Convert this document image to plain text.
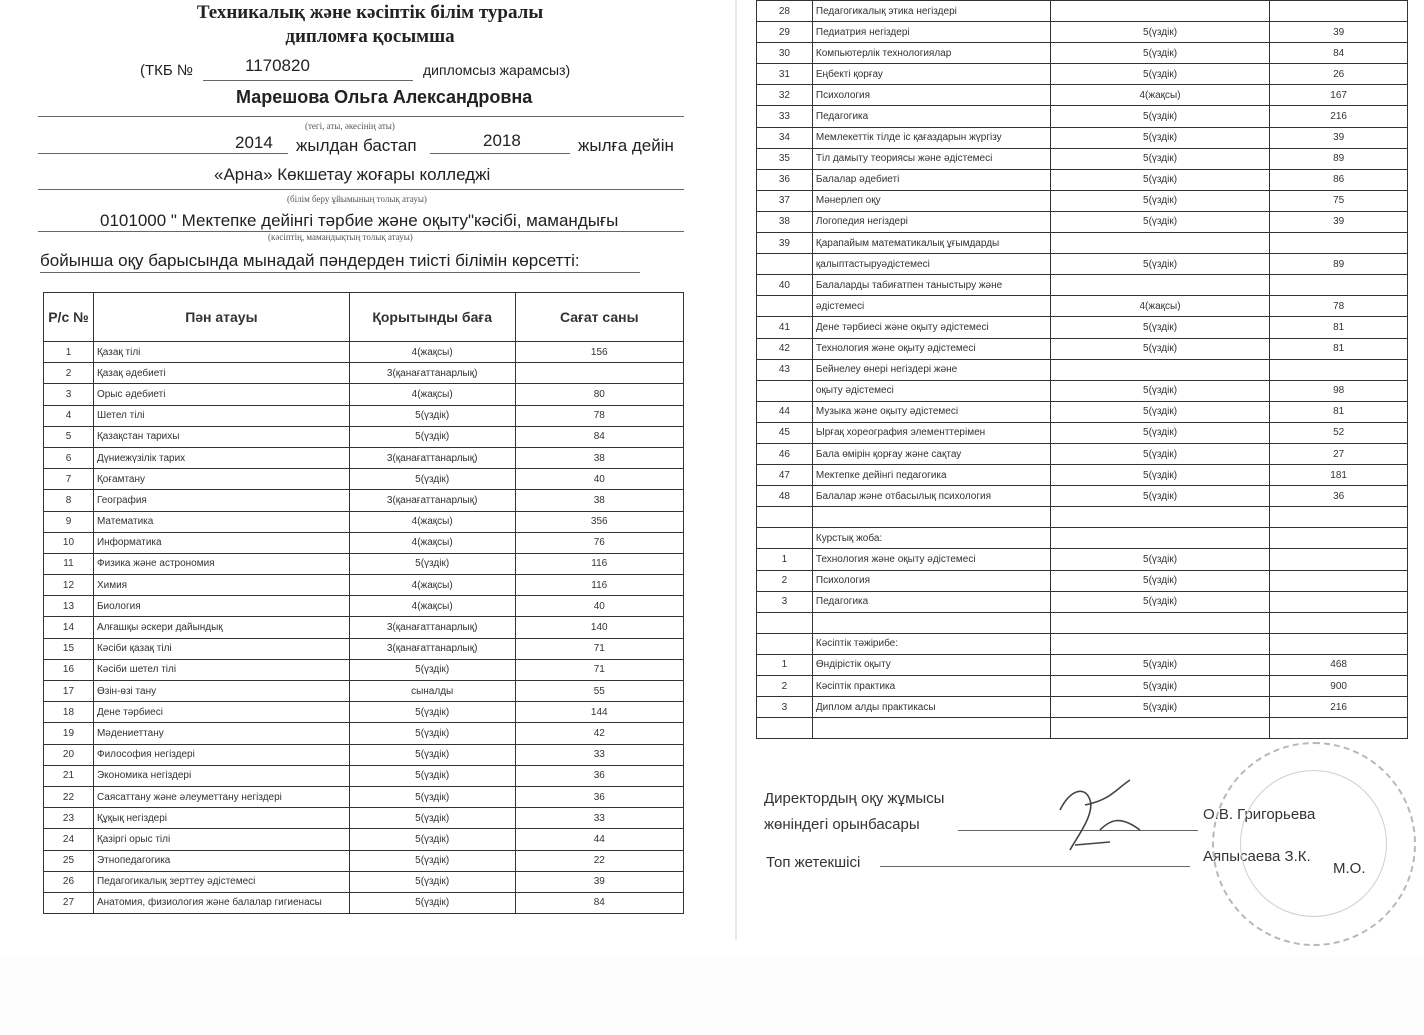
Техникалық және кәсіптік білім туралы
дипломға қосымша
(ТКБ №	1170820	дипломсыз жарамсыз)
Марешова Ольга Александровна
(тегі, аты, әкесінің аты)
2014 жылдан бастап	2018	жылға дейін
«Арна» Көкшетау жоғары колледжі
(білім беру ұйымының толық атауы)
0101000 " Мектепке дейінгі тәрбие және оқыту"кәсібі, мамандығы
(кәсіптің, мамандықтың толық атауы)
бойынша оқу барысында мынадай пәндерден тиісті білімін көрсетті:
Р/с №	Пән атауы	Қорытынды баға	Сағат саны
1	Қазақ тілі	4(жақсы)	156
2	Қазақ әдебиеті	3(қанағаттанарлық)	
3	Орыс әдебиеті	4(жақсы)	80
4	Шетел тілі	5(үздік)	78
5	Қазақстан тарихы	5(үздік)	84
6	Дүниежүзілік тарих	3(қанағаттанарлық)	38
7	Қоғамтану	5(үздік)	40
8	География	3(қанағаттанарлық)	38
9	Математика	4(жақсы)	356
10	Информатика	4(жақсы)	76
11	Физика және астрономия	5(үздік)	116
12	Химия	4(жақсы)	116
13	Биология	4(жақсы)	40
14	Алғашқы әскери дайындық	3(қанағаттанарлық)	140
15	Кәсіби қазақ тілі	3(қанағаттанарлық)	71
16	Кәсіби шетел тілі	5(үздік)	71
17	Өзін-өзі тану	сыналды	55
18	Дене тәрбиесі	5(үздік)	144
19	Мәдениеттану	5(үздік)	42
20	Философия негіздері	5(үздік)	33
21	Экономика негіздері	5(үздік)	36
22	Саясаттану және әлеуметтану негіздері	5(үздік)	36
23	Құқық негіздері	5(үздік)	33
24	Қазіргі орыс тілі	5(үздік)	44
25	Этнопедагогика	5(үздік)	22
26	Педагогикалық зерттеу әдістемесі	5(үздік)	39
27	Анатомия, физиология және балалар гигиенасы	5(үздік)	84
28	Педагогикалық этика негіздері		
29	Педиатрия негіздері	5(үздік)	39
30	Компьютерлік технологиялар	5(үздік)	84
31	Еңбекті қорғау	5(үздік)	26
32	Психология	4(жақсы)	167
33	Педагогика	5(үздік)	216
34	Мемлекеттік тілде іс қағаздарын жүргізу	5(үздік)	39
35	Тіл дамыту теориясы және әдістемесі	5(үздік)	89
36	Балалар әдебиеті	5(үздік)	86
37	Мәнерлеп оқу	5(үздік)	75
38	Логопедия негіздері	5(үздік)	39
39	Қарапайым математикалық ұғымдарды		
	қалыптастыруәдістемесі	5(үздік)	89
40	Балаларды табиғатпен таныстыру және		
	әдістемесі	4(жақсы)	78
41	Дене тәрбиесі және оқыту әдістемесі	5(үздік)	81
42	Технология және оқыту әдістемесі	5(үздік)	81
43	Бейнелеу өнері негіздері және		
	оқыту әдістемесі	5(үздік)	98
44	Музыка және оқыту әдістемесі	5(үздік)	81
45	Ырғақ хореография элементтерімен	5(үздік)	52
46	Бала өмірін қорғау және сақтау	5(үздік)	27
47	Мектепке дейінгі педагогика	5(үздік)	181
48	Балалар және отбасылық психология	5(үздік)	36

	Курстық жоба:		
1	Технология және оқыту әдістемесі	5(үздік)	
2	Психология	5(үздік)	
3	Педагогика	5(үздік)	

	Кәсіптік тәжірибе:		
1	Өндірістік оқыту	5(үздік)	468
2	Кәсіптік практика	5(үздік)	900
3	Диплом алды практикасы	5(үздік)	216

Директордың оқу жұмысы
жөніндегі орынбасары
О.В. Григорьева
Топ жетекшісі	Аяпысаева З.К.
М.О.
